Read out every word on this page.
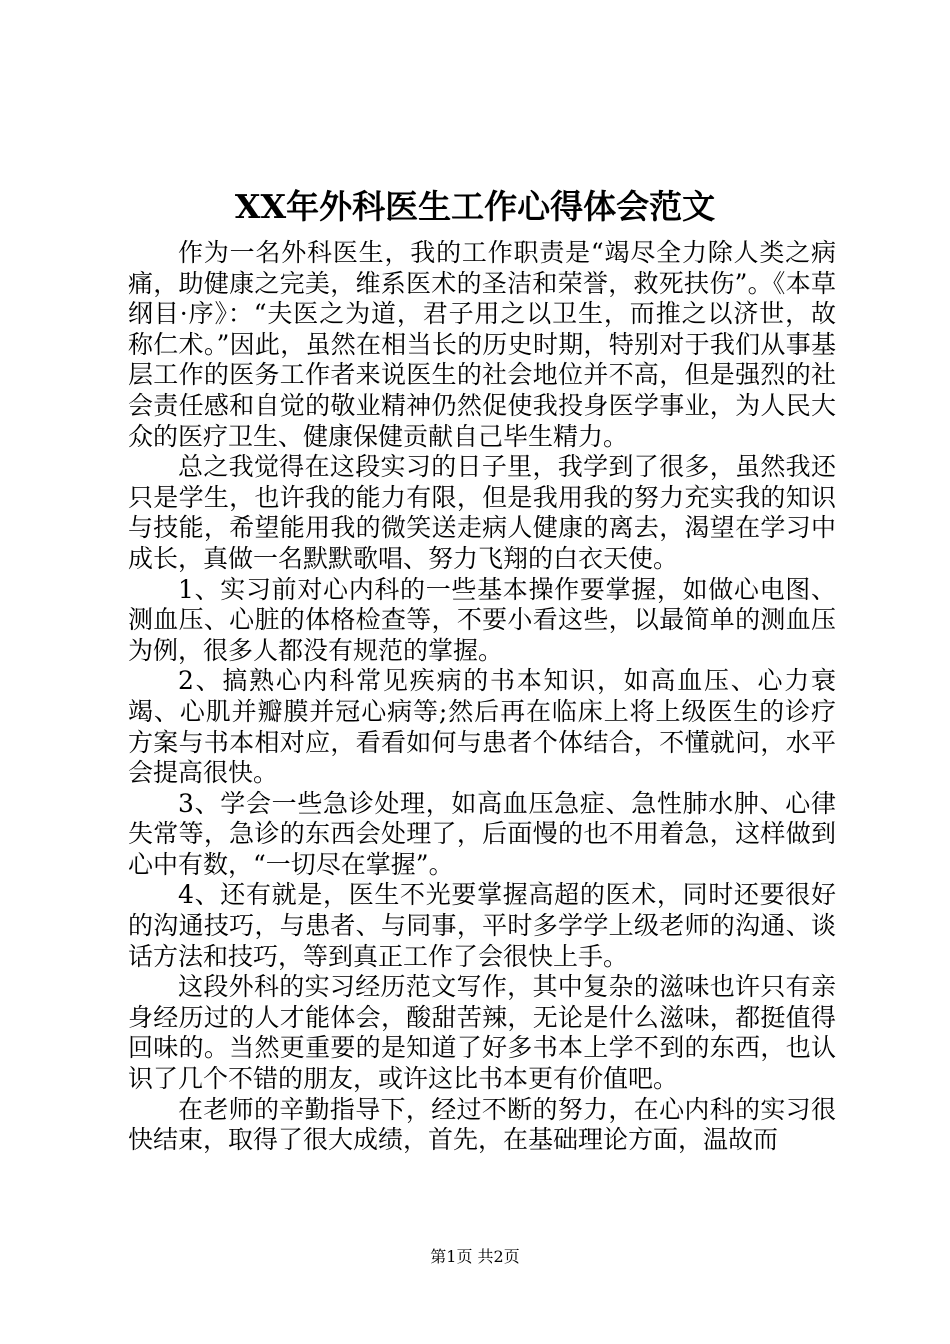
XX年外科医生工作心得体会范文

作为一名外科医生，我的工作职责是“竭尽全力除人类之病痛，助健康之完美，维系医术的圣洁和荣誉，救死扶伤”。《本草纲目·序》：“夫医之为道，君子用之以卫生，而推之以济世，故称仁术。”因此，虽然在相当长的历史时期，特别对于我们从事基层工作的医务工作者来说医生的社会地位并不高，但是强烈的社会责任感和自觉的敬业精神仍然促使我投身医学事业，为人民大众的医疗卫生、健康保健贡献自己毕生精力。

总之我觉得在这段实习的日子里，我学到了很多，虽然我还只是学生，也许我的能力有限，但是我用我的努力充实我的知识与技能，希望能用我的微笑送走病人健康的离去，渴望在学习中成长，真做一名默默歌唱、努力飞翔的白衣天使。

1、实习前对心内科的一些基本操作要掌握，如做心电图、测血压、心脏的体格检查等，不要小看这些，以最简单的测血压为例，很多人都没有规范的掌握。

2、搞熟心内科常见疾病的书本知识，如高血压、心力衰竭、心肌并瓣膜并冠心病等;然后再在临床上将上级医生的诊疗方案与书本相对应，看看如何与患者个体结合，不懂就问，水平会提高很快。

3、学会一些急诊处理，如高血压急症、急性肺水肿、心律失常等，急诊的东西会处理了，后面慢的也不用着急，这样做到心中有数，“一切尽在掌握”。

4、还有就是，医生不光要掌握高超的医术，同时还要很好的沟通技巧，与患者、与同事，平时多学学上级老师的沟通、谈话方法和技巧，等到真正工作了会很快上手。

这段外科的实习经历范文写作，其中复杂的滋味也许只有亲身经历过的人才能体会，酸甜苦辣，无论是什么滋味，都挺值得回味的。当然更重要的是知道了好多书本上学不到的东西，也认识了几个不错的朋友，或许这比书本更有价值吧。

在老师的辛勤指导下，经过不断的努力，在心内科的实习很快结束，取得了很大成绩，首先，在基础理论方面，温故而

第1页 共2页
